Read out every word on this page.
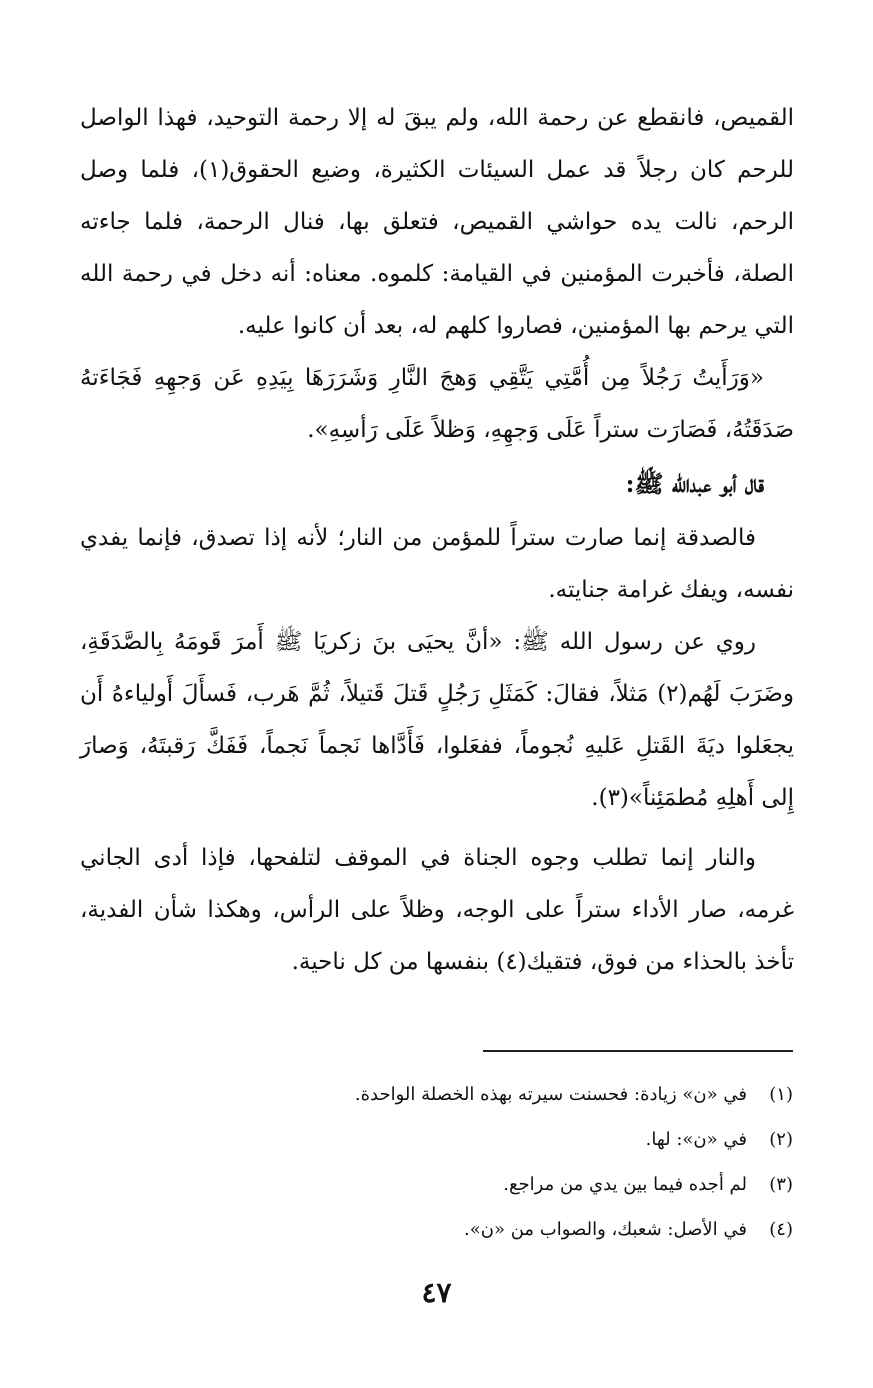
القميص، فانقطع عن رحمة الله، ولم يبقَ له إلا رحمة التوحيد، فهذا الواصل للرحم كان رجلاً قد عمل السيئات الكثيرة، وضيع الحقوق(١)، فلما وصل الرحم، نالت يده حواشي القميص، فتعلق بها، فنال الرحمة، فلما جاءته الصلة، فأخبرت المؤمنين في القيامة: كلموه. معناه: أنه دخل في رحمة الله التي يرحم بها المؤمنين، فصاروا كلهم له، بعد أن كانوا عليه.

«وَرَأَيتُ رَجُلاً مِن أُمَّتِي يَتَّقِي وَهجَ النَّارِ وَشَرَرَهَا بِيَدِهِ عَن وَجهِهِ فَجَاءَتهُ صَدَقَتُهُ، فَصَارَت ستراً عَلَى وَجهِهِ، وَظلاً عَلَى رَأسِهِ».

قال أبو عبدالله ﷺ:

فالصدقة إنما صارت ستراً للمؤمن من النار؛ لأنه إذا تصدق، فإنما يفدي نفسه، ويفك غرامة جنايته.

روي عن رسول الله ﷺ: «أنَّ يحيَى بنَ زكريَا ﷺ أَمرَ قَومَهُ بِالصَّدَقَةِ، وضَرَبَ لَهُم(٢) مَثلاً، فقالَ: كَمَثَلِ رَجُلٍ قَتلَ قَتيلاً، ثُمَّ هَرب، فَسأَلَ أَولياءهُ أَن يجعَلوا ديَةَ القَتلِ عَليهِ نُجوماً، ففعَلوا، فَأَدَّاها نَجماً نَجماً، فَفَكَّ رَقبتَهُ، وَصارَ إِلى أَهلِهِ مُطمَئِناً»(٣).

والنار إنما تطلب وجوه الجناة في الموقف لتلفحها، فإذا أدى الجاني غرمه، صار الأداء ستراً على الوجه، وظلاً على الرأس، وهكذا شأن الفدية، تأخذ بالحذاء من فوق، فتقيك(٤) بنفسها من كل ناحية.

(١)
في «ن» زيادة: فحسنت سيرته بهذه الخصلة الواحدة.
(٢)
في «ن»: لها.
(٣)
لم أجده فيما بين يدي من مراجع.
(٤)
في الأصل: شعبك، والصواب من «ن».
٤٧
